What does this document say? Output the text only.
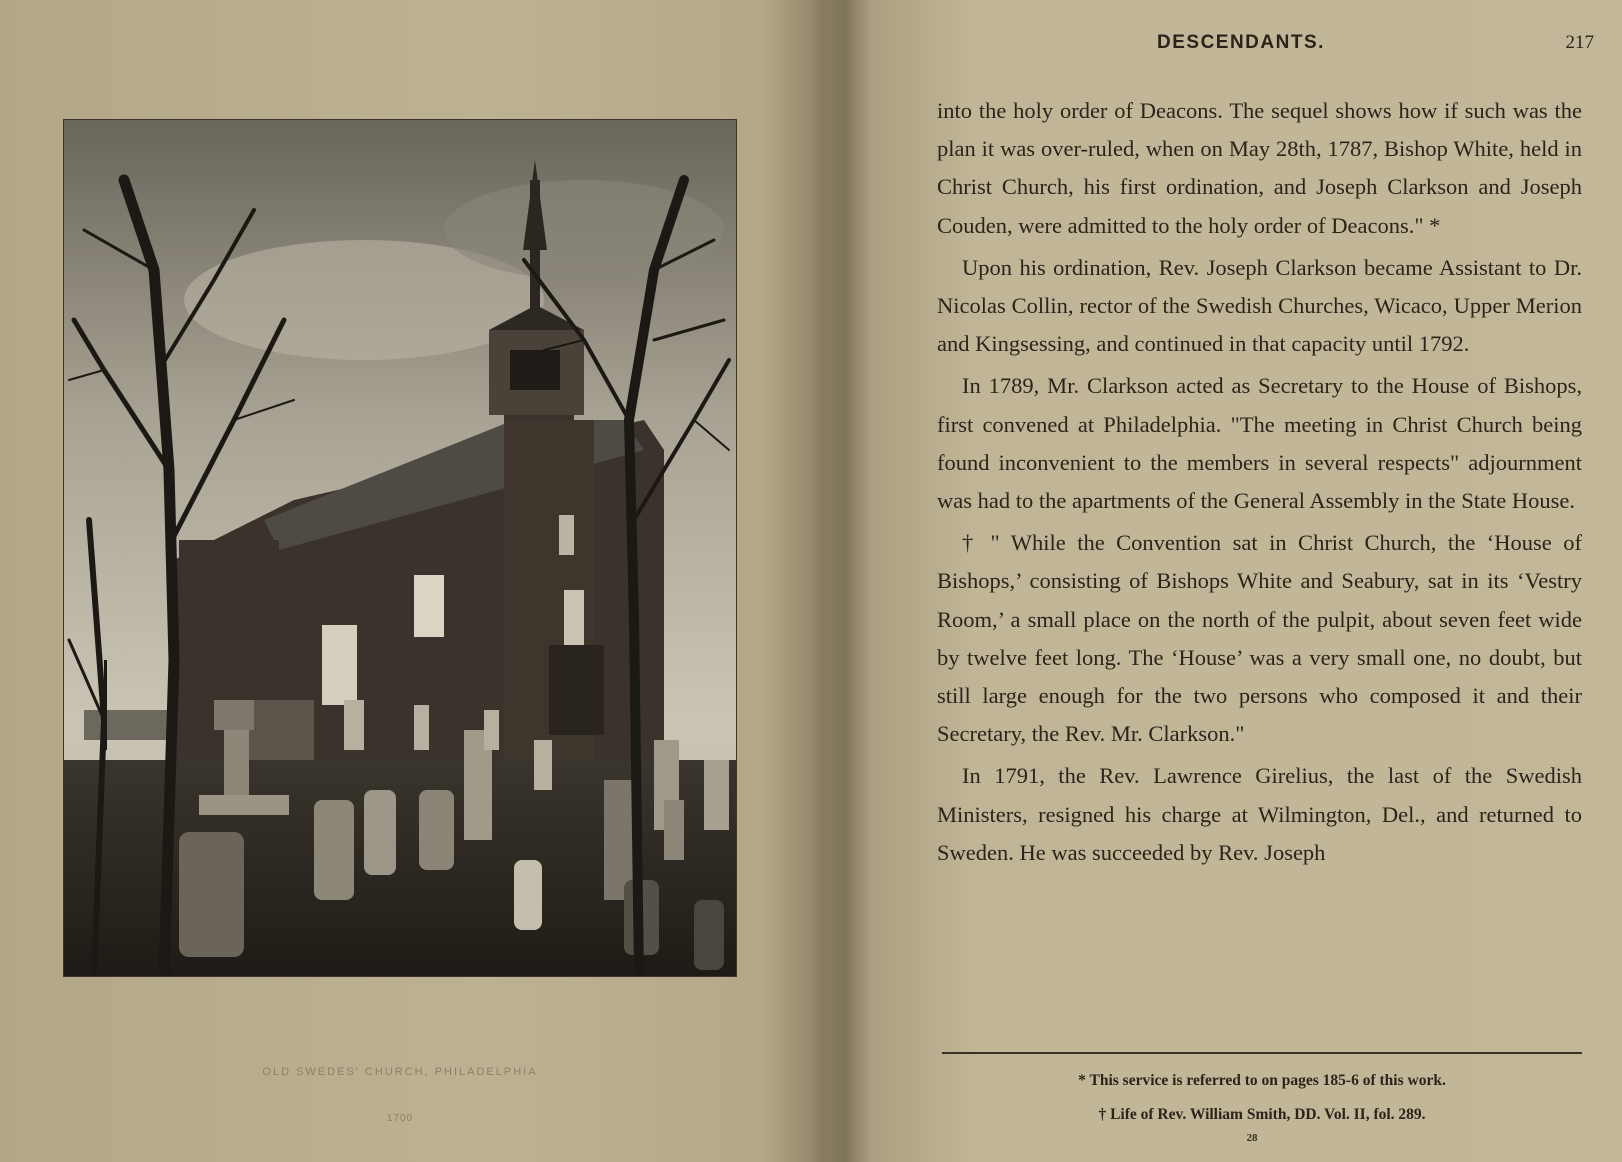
OLD SWEDES' CHURCH, PHILADELPHIA
1700
DESCENDANTS.	217

into the holy order of Deacons. The sequel shows how if such was the plan it was over-ruled, when on May 28th, 1787, Bishop White, held in Christ Church, his first ordination, and Joseph Clarkson and Joseph Couden, were admitted to the holy order of Deacons." *

Upon his ordination, Rev. Joseph Clarkson became Assistant to Dr. Nicolas Collin, rector of the Swedish Churches, Wicaco, Upper Merion and Kingsessing, and continued in that capacity until 1792.

In 1789, Mr. Clarkson acted as Secretary to the House of Bishops, first convened at Philadelphia. "The meeting in Christ Church being found inconvenient to the members in several respects" adjournment was had to the apartments of the General Assembly in the State House.

† " While the Convention sat in Christ Church, the ‘House of Bishops,’ consisting of Bishops White and Seabury, sat in its ‘Vestry Room,’ a small place on the north of the pulpit, about seven feet wide by twelve feet long. The ‘House’ was a very small one, no doubt, but still large enough for the two persons who composed it and their Secretary, the Rev. Mr. Clarkson."

In 1791, the Rev. Lawrence Girelius, the last of the Swedish Ministers, resigned his charge at Wilmington, Del., and returned to Sweden. He was succeeded by Rev. Joseph

* This service is referred to on pages 185-6 of this work.
† Life of Rev. William Smith, DD. Vol. II, fol. 289.
28
